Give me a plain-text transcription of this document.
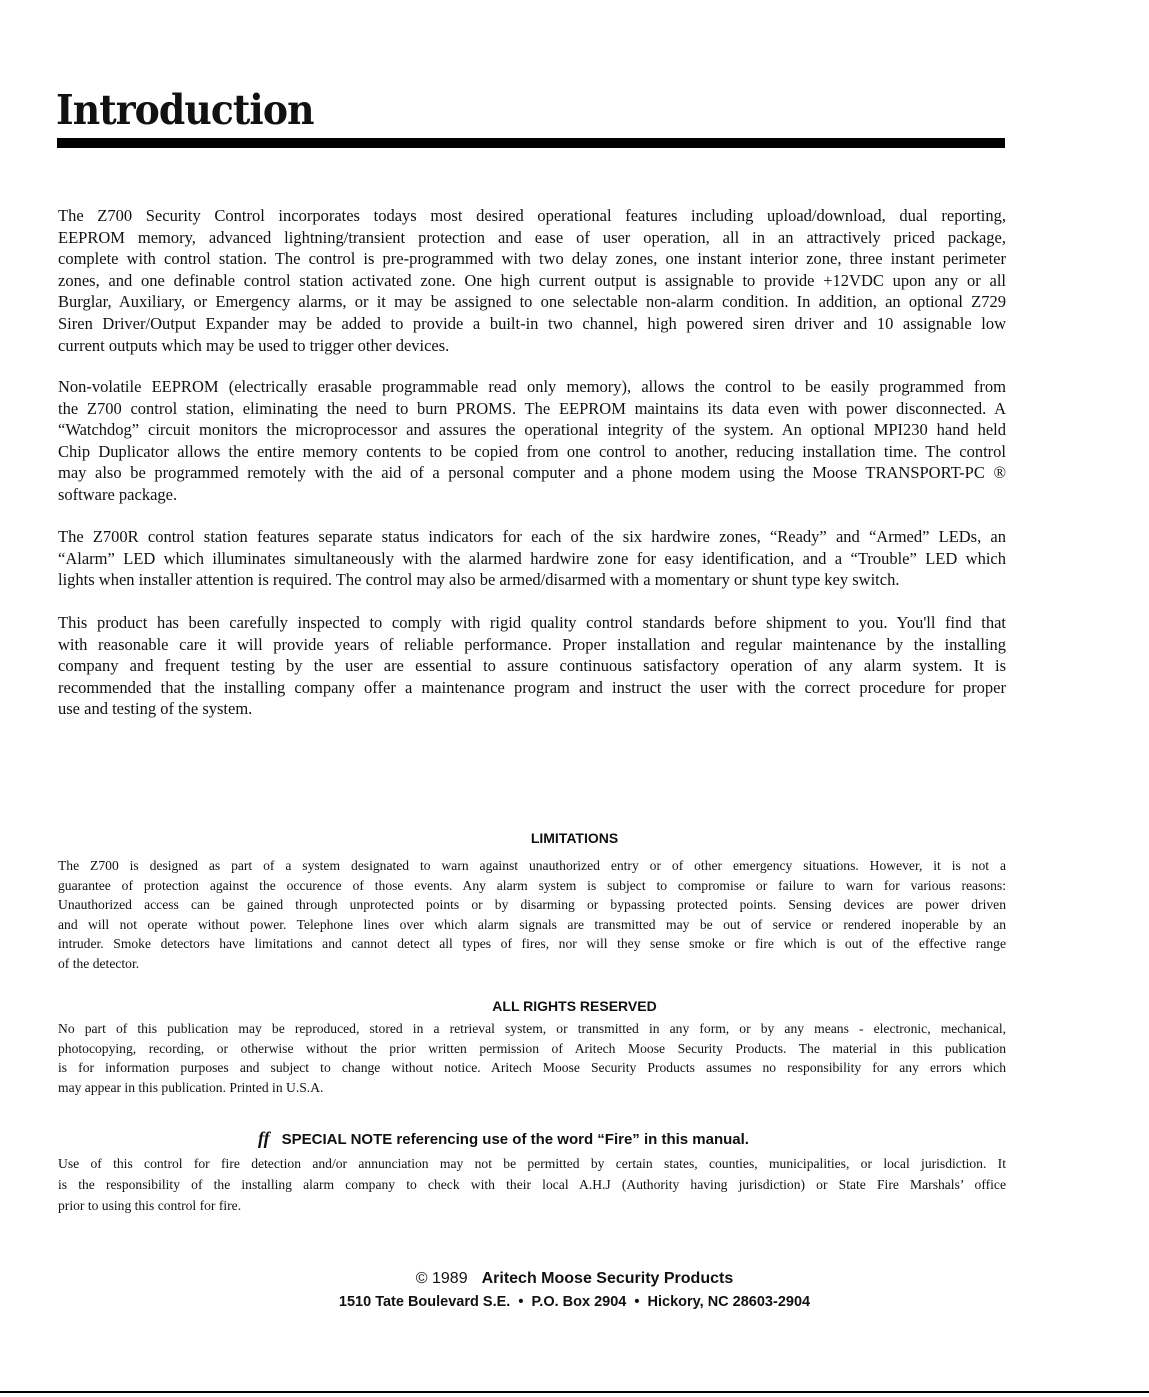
Introduction
The Z700 Security Control incorporates todays most desired operational features including upload/download, dual reporting,
EEPROM memory, advanced lightning/transient protection and ease of user operation, all in an attractively priced package,
complete with control station. The control is pre-programmed with two delay zones, one instant interior zone, three instant perimeter
zones, and one definable control station activated zone. One high current output is assignable to provide +12VDC upon any or all
Burglar, Auxiliary, or Emergency alarms, or it may be assigned to one selectable non-alarm condition. In addition, an optional Z729
Siren Driver/Output Expander may be added to provide a built-in two channel, high powered siren driver and 10 assignable low
current outputs which may be used to trigger other devices.
Non-volatile EEPROM (electrically erasable programmable read only memory), allows the control to be easily programmed from
the Z700 control station, eliminating the need to burn PROMS. The EEPROM maintains its data even with power disconnected. A
“Watchdog” circuit monitors the microprocessor and assures the operational integrity of the system. An optional MPI230 hand held
Chip Duplicator allows the entire memory contents to be copied from one control to another, reducing installation time. The control
may also be programmed remotely with the aid of a personal computer and a phone modem using the Moose TRANSPORT-PC ®
software package.
The Z700R control station features separate status indicators for each of the six hardwire zones, “Ready” and “Armed” LEDs, an
“Alarm” LED which illuminates simultaneously with the alarmed hardwire zone for easy identification, and a “Trouble” LED which
lights when installer attention is required. The control may also be armed/disarmed with a momentary or shunt type key switch.
This product has been carefully inspected to comply with rigid quality control standards before shipment to you. You'll find that
with reasonable care it will provide years of reliable performance. Proper installation and regular maintenance by the installing
company and frequent testing by the user are essential to assure continuous satisfactory operation of any alarm system. It is
recommended that the installing company offer a maintenance program and instruct the user with the correct procedure for proper
use and testing of the system.
LIMITATIONS
The Z700 is designed as part of a system designated to warn against unauthorized entry or of other emergency situations. However, it is not a
guarantee of protection against the occurence of those events. Any alarm system is subject to compromise or failure to warn for various reasons:
Unauthorized access can be gained through unprotected points or by disarming or bypassing protected points. Sensing devices are power driven
and will not operate without power. Telephone lines over which alarm signals are transmitted may be out of service or rendered inoperable by an
intruder. Smoke detectors have limitations and cannot detect all types of fires, nor will they sense smoke or fire which is out of the effective range
of the detector.
ALL RIGHTS RESERVED
No part of this publication may be reproduced, stored in a retrieval system, or transmitted in any form, or by any means - electronic, mechanical,
photocopying, recording, or otherwise without the prior written permission of Aritech Moose Security Products. The material in this publication
is for information purposes and subject to change without notice. Aritech Moose Security Products assumes no responsibility for any errors which
may appear in this publication. Printed in U.S.A.
ff SPECIAL NOTE referencing use of the word “Fire” in this manual.
Use of this control for fire detection and/or annunciation may not be permitted by certain states, counties, municipalities, or local jurisdiction. It
is the responsibility of the installing alarm company to check with their local A.H.J (Authority having jurisdiction) or State Fire Marshals’ office
prior to using this control for fire.
© 1989 Aritech Moose Security Products
1510 Tate Boulevard S.E.  •  P.O. Box 2904  •  Hickory, NC 28603-2904
